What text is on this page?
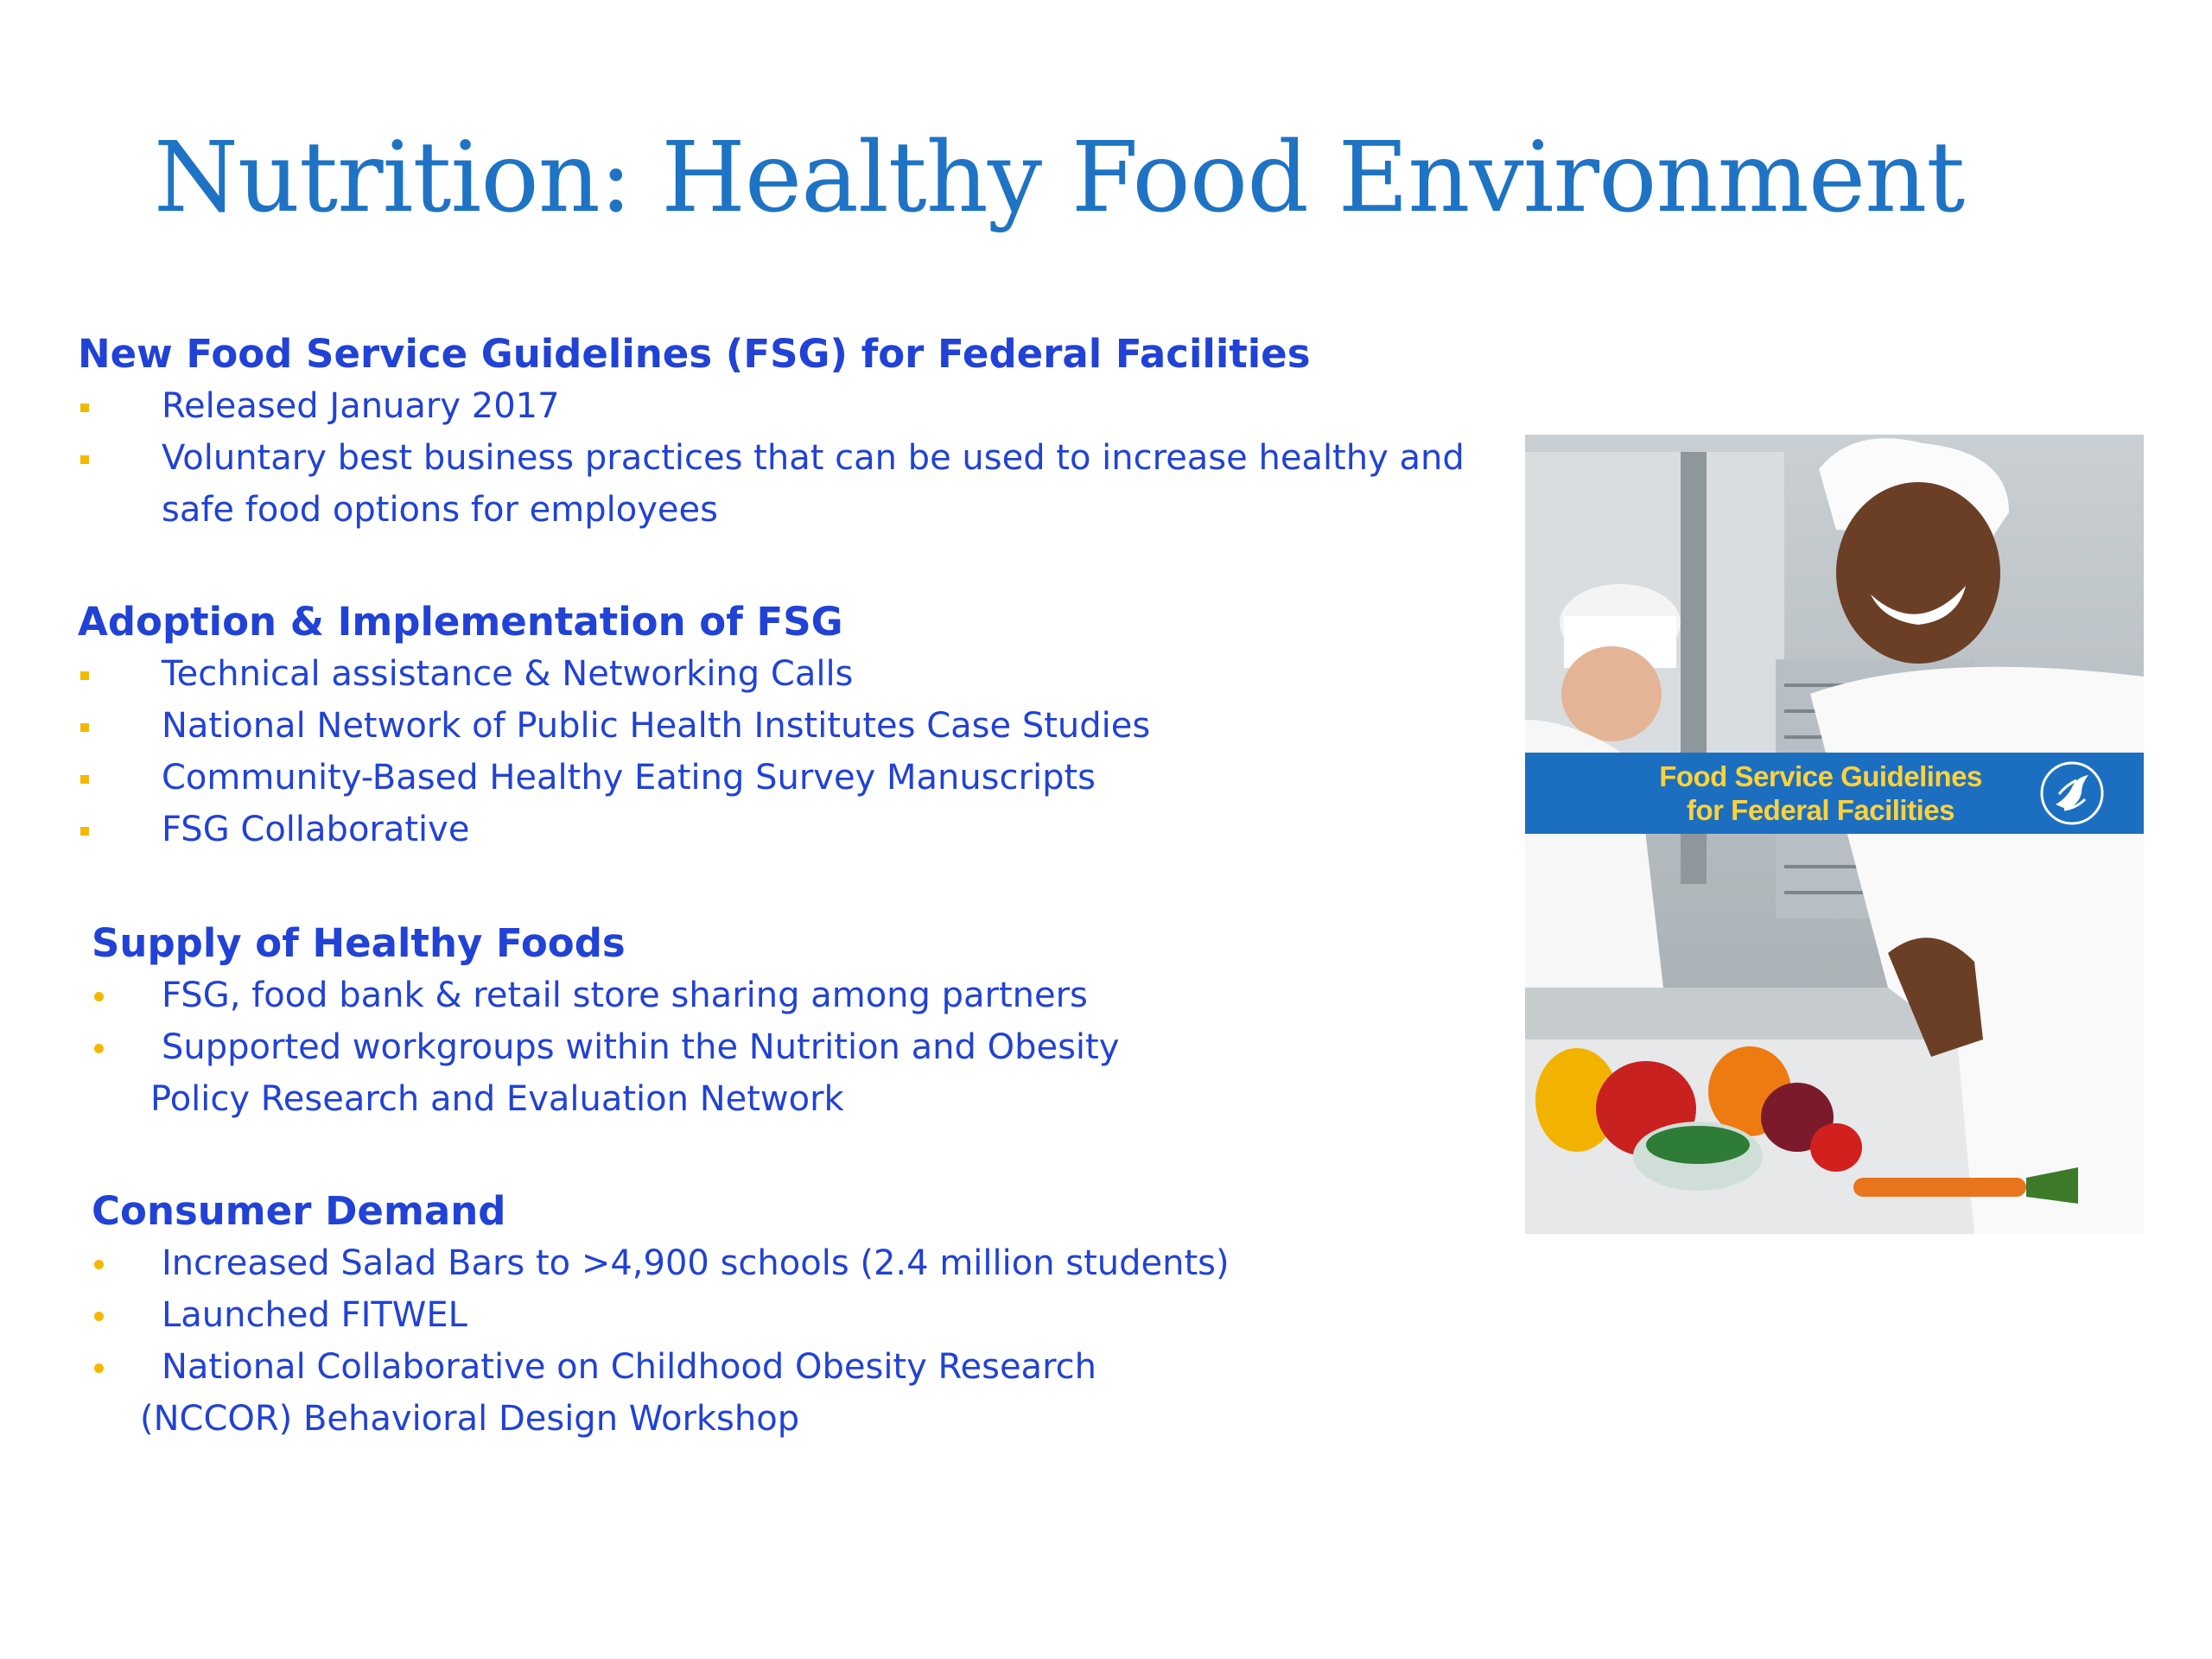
Nutrition: Healthy Food Environment
New Food Service Guidelines (FSG) for Federal Facilities
Released January 2017
Voluntary best business practices that can be used to increase healthy and
safe food options for employees
Adoption & Implementation of FSG
Technical assistance & Networking Calls
National Network of Public Health Institutes Case Studies
Community-Based Healthy Eating Survey Manuscripts
FSG Collaborative
Supply of Healthy Foods
FSG, food bank & retail store sharing among partners
Supported workgroups within the Nutrition and Obesity
Policy Research and Evaluation Network
Consumer Demand
Increased Salad Bars to >4,900 schools (2.4 million students)
Launched FITWEL
National Collaborative on Childhood Obesity Research
(NCCOR) Behavioral Design Workshop
Food Service Guidelines
for Federal Facilities
